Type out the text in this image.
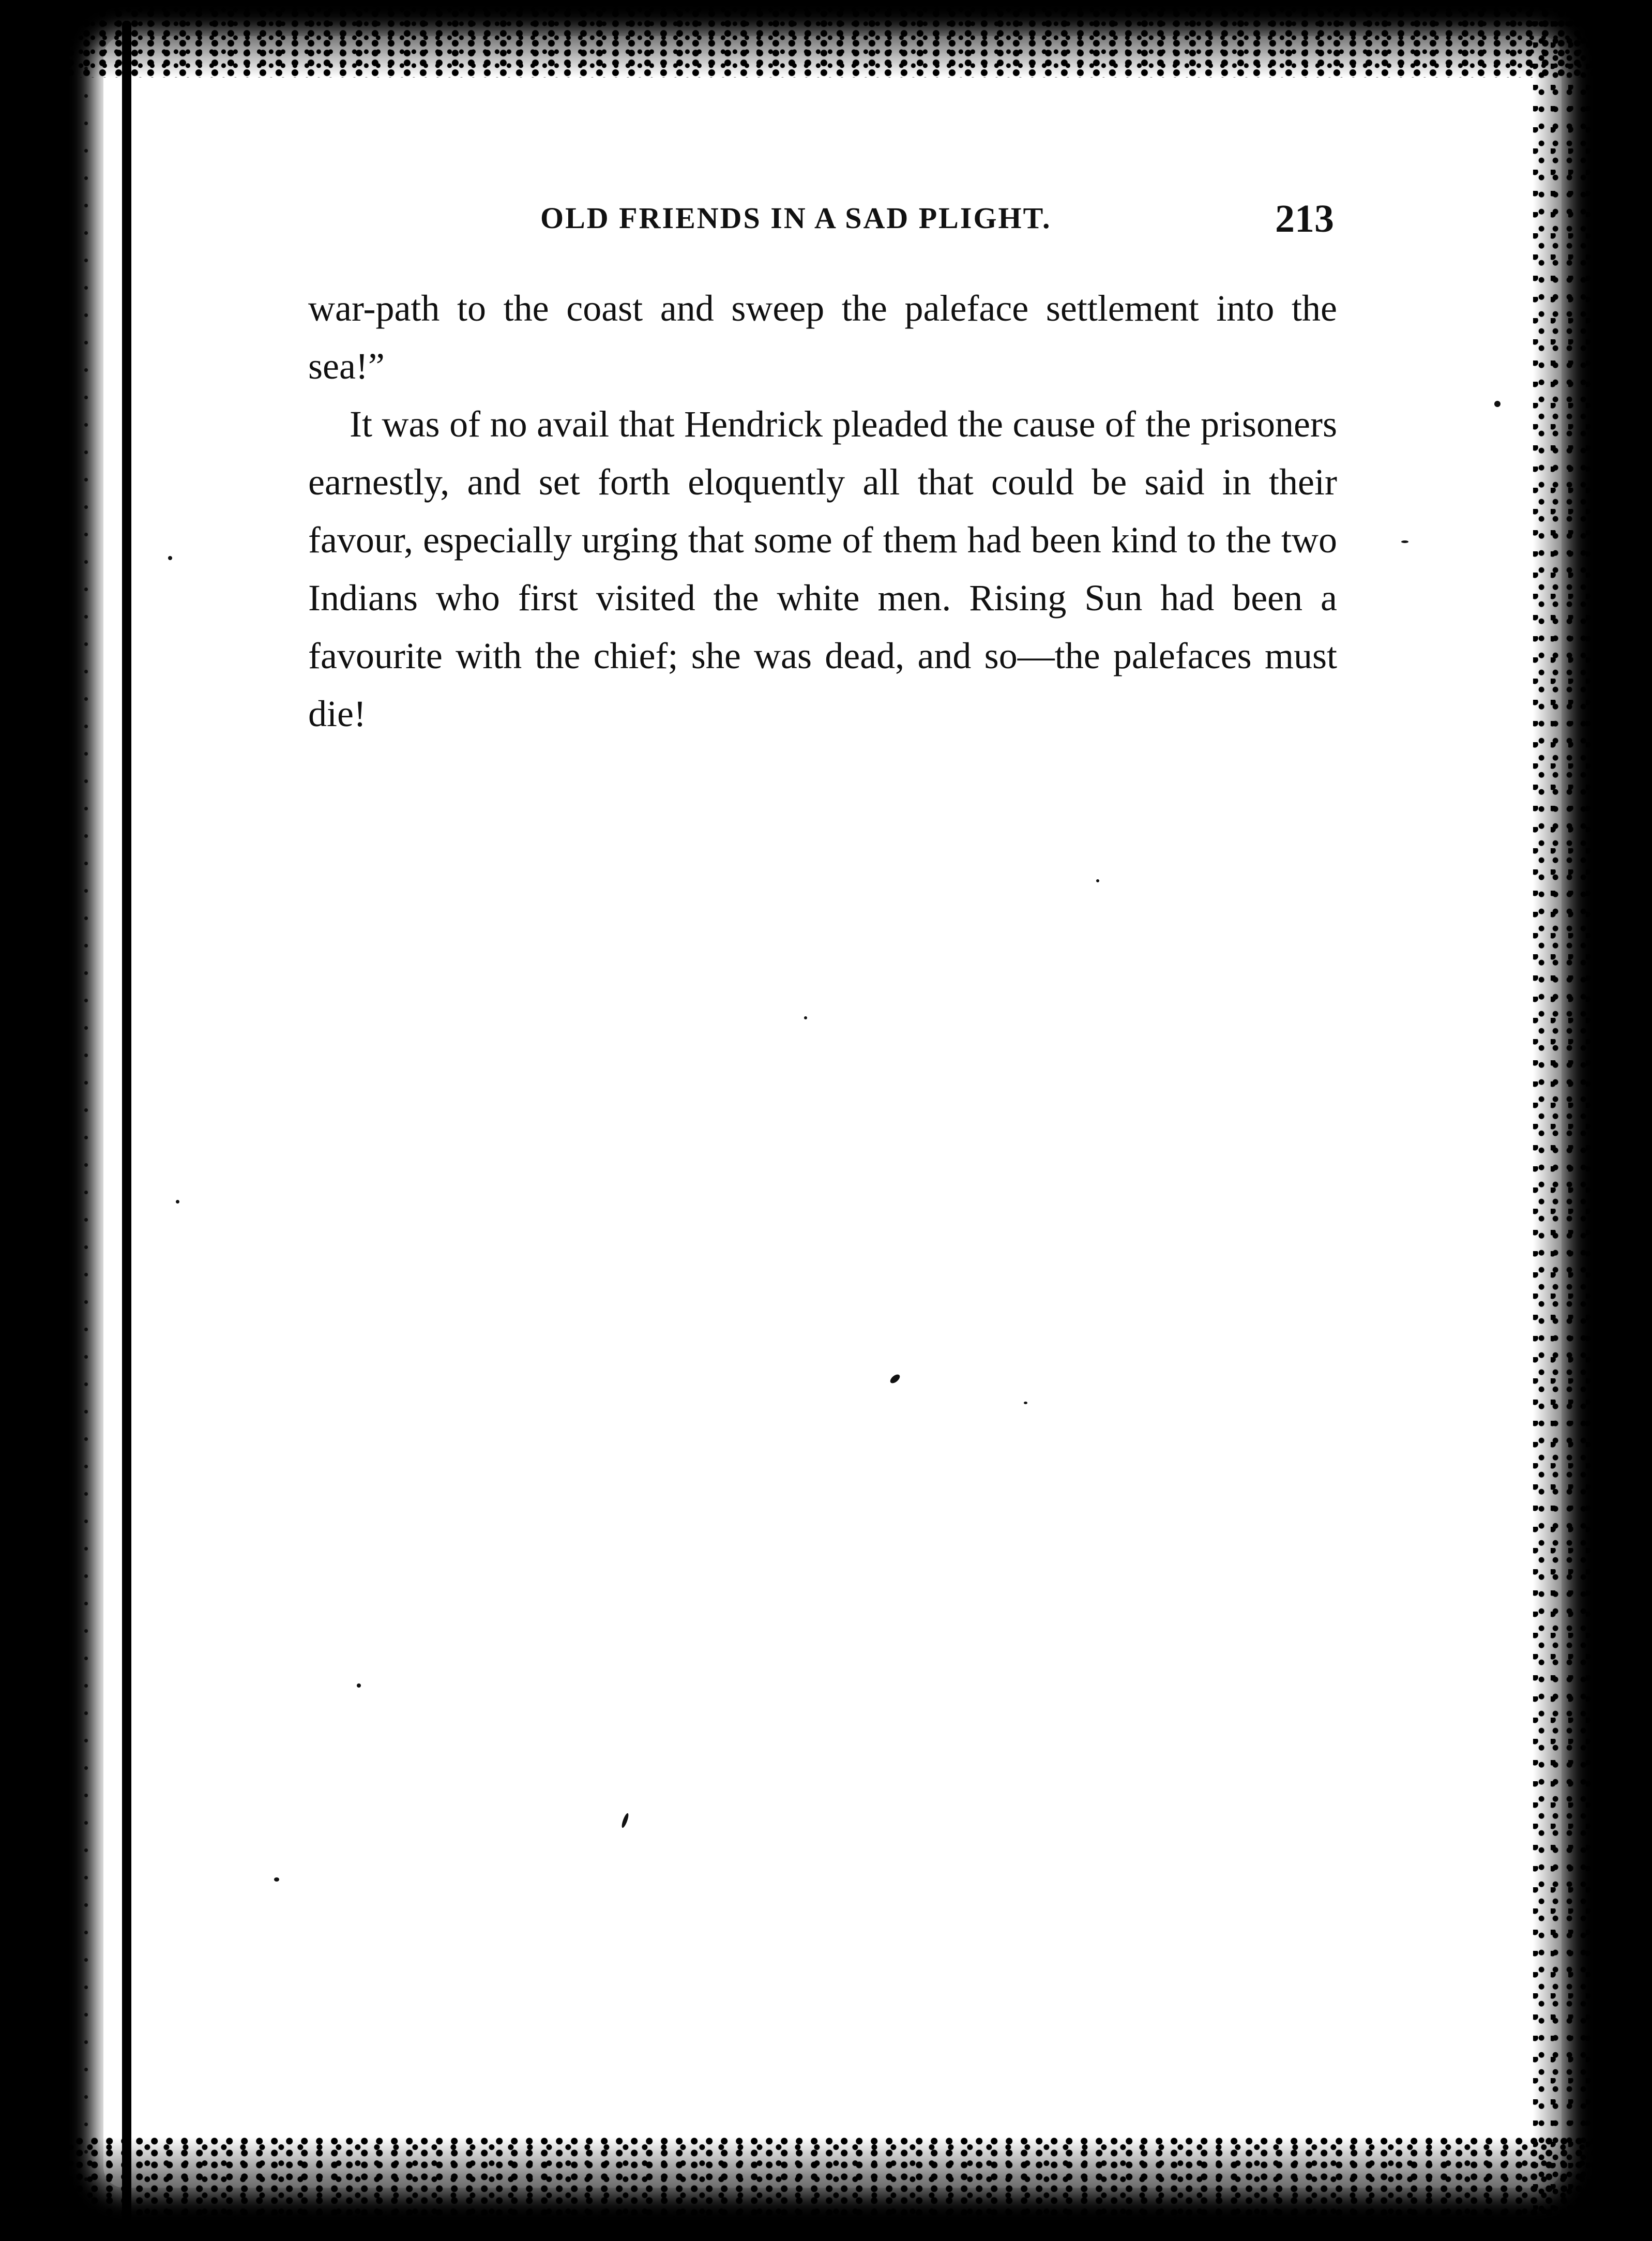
OLD FRIENDS IN A SAD PLIGHT.	213

war-path to the coast and sweep the paleface settlement into the sea!”

It was of no avail that Hendrick pleaded the cause of the prisoners earnestly, and set forth eloquently all that could be said in their favour, especially urging that some of them had been kind to the two Indians who first visited the white men. Rising Sun had been a favourite with the chief; she was dead, and so—the palefaces must die!
